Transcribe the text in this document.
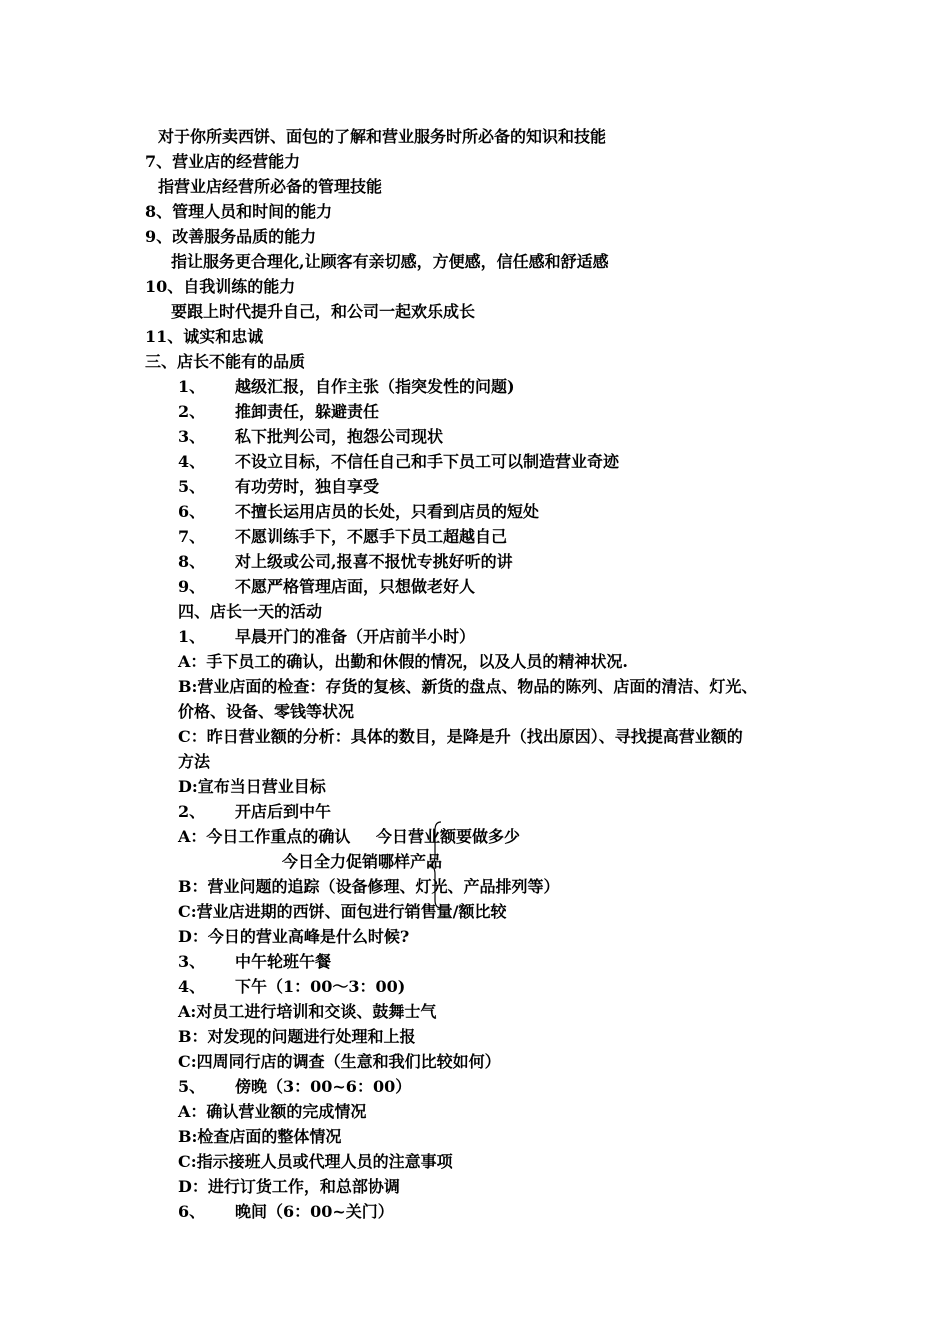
对于你所卖西饼、面包的了解和营业服务时所必备的知识和技能
7、营业店的经营能力
指营业店经营所必备的管理技能
8、管理人员和时间的能力
9、改善服务品质的能力
指让服务更合理化,让顾客有亲切感，方便感，信任感和舒适感
10、自我训练的能力
要跟上时代提升自己，和公司一起欢乐成长
11、诚实和忠诚
三、店长不能有的品质
1、 越级汇报，自作主张（指突发性的问题)
2、 推卸责任，躲避责任
3、 私下批判公司，抱怨公司现状
4、 不设立目标，不信任自己和手下员工可以制造营业奇迹
5、 有功劳时，独自享受
6、 不擅长运用店员的长处，只看到店员的短处
7、 不愿训练手下，不愿手下员工超越自己
8、 对上级或公司,报喜不报忧专挑好听的讲
9、 不愿严格管理店面，只想做老好人
四、店长一天的活动
1、 早晨开门的准备（开店前半小时）
A：手下员工的确认，出勤和休假的情况，以及人员的精神状况.
B:营业店面的检查：存货的复核、新货的盘点、物品的陈列、店面的清洁、灯光、
价格、设备、零钱等状况
C：昨日营业额的分析：具体的数目，是降是升（找出原因）、寻找提高营业额的
方法
D:宣布当日营业目标
2、 开店后到中午
A：今日工作重点的确认 今日营业额要做多少
今日全力促销哪样产品
B：营业问题的追踪（设备修理、灯光、产品排列等）
C:营业店进期的西饼、面包进行销售量/额比较
D：今日的营业高峰是什么时候?
3、 中午轮班午餐
4、 下午（1：00～3：00)
A:对员工进行培训和交谈、鼓舞士气
B：对发现的问题进行处理和上报
C:四周同行店的调查（生意和我们比较如何）
5、 傍晚（3：00~6：00）
A：确认营业额的完成情况
B:检查店面的整体情况
C:指示接班人员或代理人员的注意事项
D：进行订货工作，和总部协调
6、 晚间（6：00~关门）
